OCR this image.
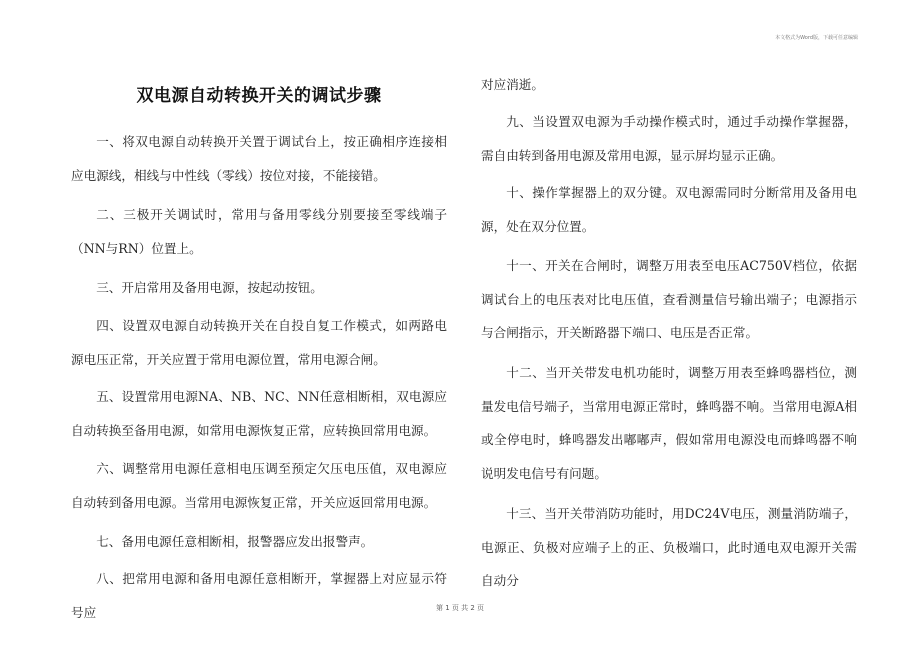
本文格式为Word版，下载可任意编辑
双电源自动转换开关的调试步骤

一、将双电源自动转换开关置于调试台上，按正确相序连接相应电源线，相线与中性线（零线）按位对接，不能接错。

二、三极开关调试时，常用与备用零线分别要接至零线端子（NN与RN）位置上。

三、开启常用及备用电源，按起动按钮。

四、设置双电源自动转换开关在自投自复工作模式，如两路电源电压正常，开关应置于常用电源位置，常用电源合闸。

五、设置常用电源NA、NB、NC、NN任意相断相，双电源应自动转换至备用电源，如常用电源恢复正常，应转换回常用电源。

六、调整常用电源任意相电压调至预定欠压电压值，双电源应自动转到备用电源。当常用电源恢复正常，开关应返回常用电源。

七、备用电源任意相断相，报警器应发出报警声。

八、把常用电源和备用电源任意相断开，掌握器上对应显示符号应

对应消逝。

九、当设置双电源为手动操作模式时，通过手动操作掌握器，需自由转到备用电源及常用电源，显示屏均显示正确。

十、操作掌握器上的双分键。双电源需同时分断常用及备用电源，处在双分位置。

十一、开关在合闸时，调整万用表至电压AC750V档位，依据调试台上的电压表对比电压值，查看测量信号输出端子；电源指示与合闸指示，开关断路器下端口、电压是否正常。

十二、当开关带发电机功能时，调整万用表至蜂鸣器档位，测量发电信号端子，当常用电源正常时，蜂鸣器不响。当常用电源A相或全停电时，蜂鸣器发出嘟嘟声，假如常用电源没电而蜂鸣器不响说明发电信号有问题。

十三、当开关带消防功能时，用DC24V电压，测量消防端子，电源正、负极对应端子上的正、负极端口，此时通电双电源开关需自动分

第 1 页 共 2 页
